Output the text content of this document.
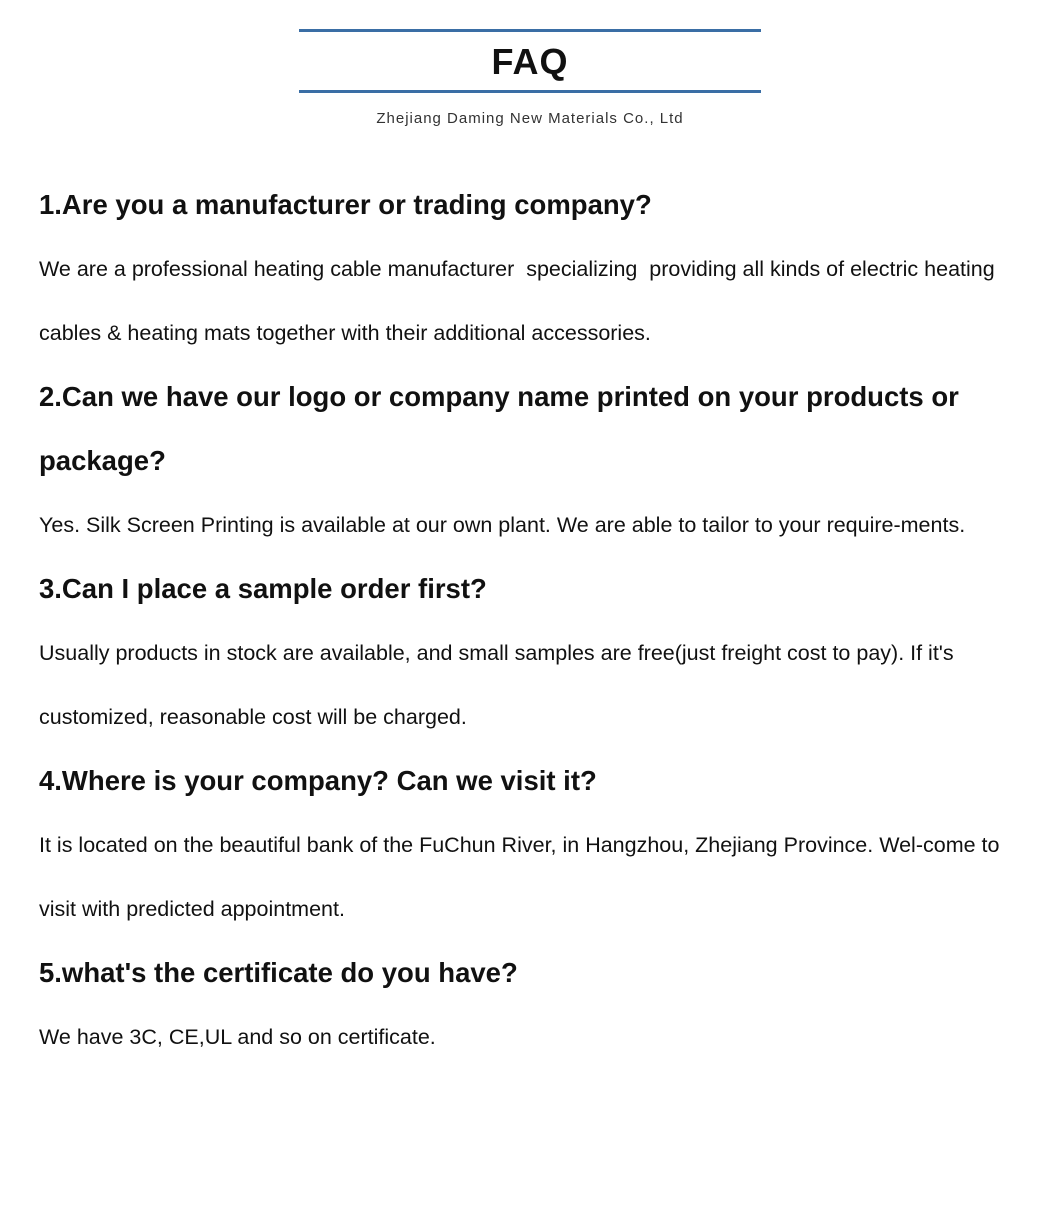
FAQ
Zhejiang Daming New Materials Co., Ltd
1.Are you a manufacturer or trading company?

We are a professional heating cable manufacturer  specializing  providing all kinds of electric heating cables & heating mats together with their additional accessories.

2.Can we have our logo or company name printed on your products or package?

Yes. Silk Screen Printing is available at our own plant. We are able to tailor to your require-ments.

3.Can I place a sample order first?

Usually products in stock are available, and small samples are free(just freight cost to pay). If it's customized, reasonable cost will be charged.

4.Where is your company? Can we visit it?

It is located on the beautiful bank of the FuChun River, in Hangzhou, Zhejiang Province. Wel-come to visit with predicted appointment.

5.what's the certificate do you have?

We have 3C, CE,UL and so on certificate.
